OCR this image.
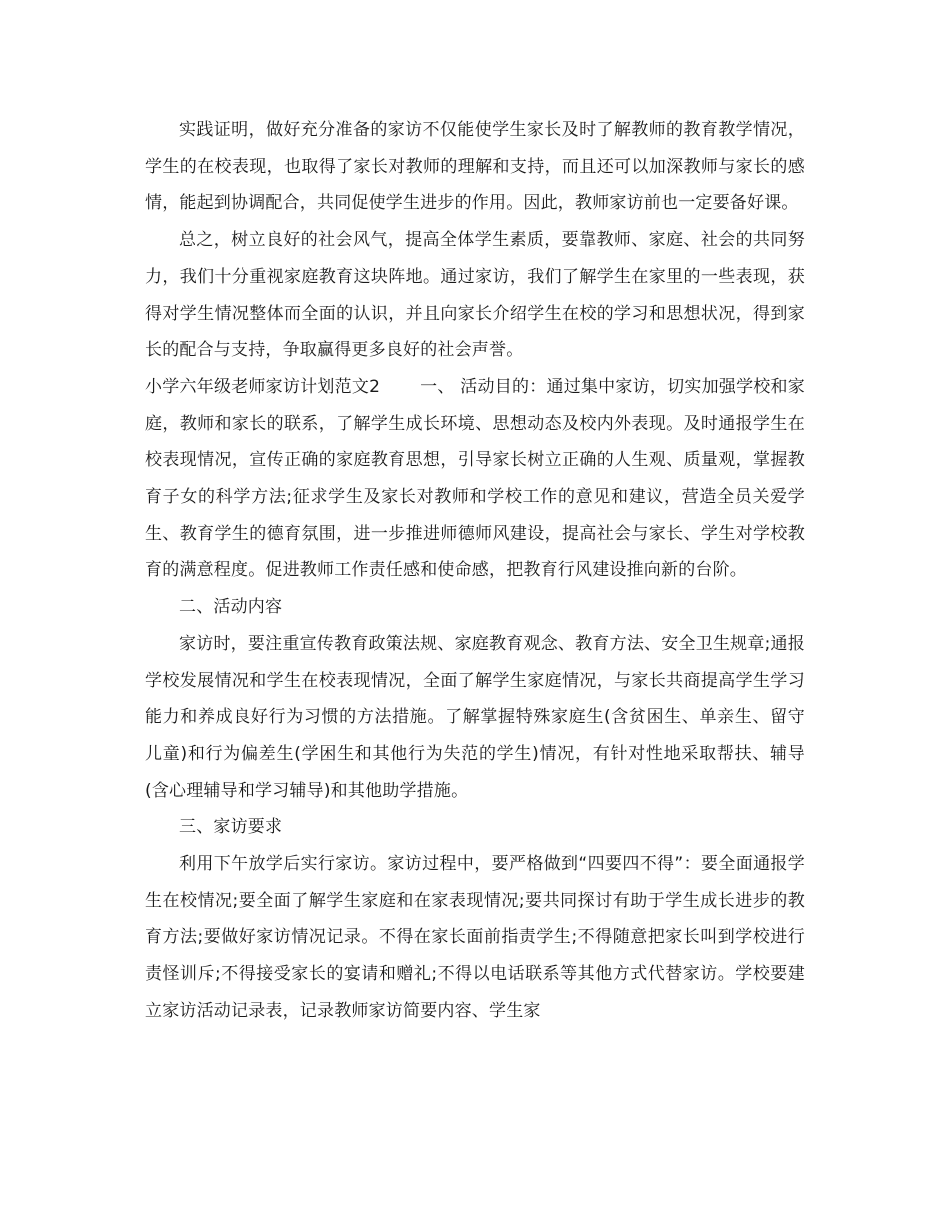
实践证明，做好充分准备的家访不仅能使学生家长及时了解教师的教育教学情况，学生的在校表现，也取得了家长对教师的理解和支持，而且还可以加深教师与家长的感情，能起到协调配合，共同促使学生进步的作用。因此，教师家访前也一定要备好课。

总之，树立良好的社会风气，提高全体学生素质，要靠教师、家庭、社会的共同努力，我们十分重视家庭教育这块阵地。通过家访，我们了解学生在家里的一些表现，获得对学生情况整体而全面的认识，并且向家长介绍学生在校的学习和思想状况，得到家长的配合与支持，争取赢得更多良好的社会声誉。

小学六年级老师家访计划范文2 一、 活动目的：通过集中家访，切实加强学校和家庭，教师和家长的联系，了解学生成长环境、思想动态及校内外表现。及时通报学生在校表现情况，宣传正确的家庭教育思想，引导家长树立正确的人生观、质量观，掌握教育子女的科学方法;征求学生及家长对教师和学校工作的意见和建议，营造全员关爱学生、教育学生的德育氛围，进一步推进师德师风建设，提高社会与家长、学生对学校教育的满意程度。促进教师工作责任感和使命感，把教育行风建设推向新的台阶。

二、活动内容

家访时，要注重宣传教育政策法规、家庭教育观念、教育方法、安全卫生规章;通报学校发展情况和学生在校表现情况，全面了解学生家庭情况，与家长共商提高学生学习能力和养成良好行为习惯的方法措施。了解掌握特殊家庭生(含贫困生、单亲生、留守儿童)和行为偏差生(学困生和其他行为失范的学生)情况，有针对性地采取帮扶、辅导(含心理辅导和学习辅导)和其他助学措施。

三、家访要求

利用下午放学后实行家访。家访过程中，要严格做到“四要四不得”：要全面通报学生在校情况;要全面了解学生家庭和在家表现情况;要共同探讨有助于学生成长进步的教育方法;要做好家访情况记录。不得在家长面前指责学生;不得随意把家长叫到学校进行责怪训斥;不得接受家长的宴请和赠礼;不得以电话联系等其他方式代替家访。学校要建立家访活动记录表，记录教师家访简要内容、学生家
